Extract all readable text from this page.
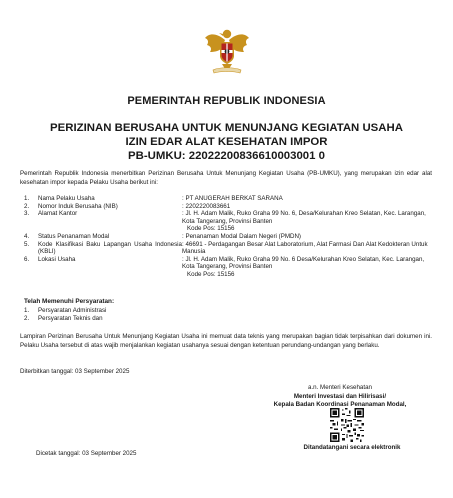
PEMERINTAH REPUBLIK INDONESIA
PERIZINAN BERUSAHA UNTUK MENUNJANG KEGIATAN USAHA
IZIN EDAR ALAT KESEHATAN IMPOR
PB-UMKU: 22022200836610003001 0
Pemerintah Republik Indonesia menerbitkan Perizinan Berusaha Untuk Menunjang Kegiatan Usaha (PB-UMKU), yang merupakan izin edar alat kesehatan impor kepada Pelaku Usaha berikut ini:
1.	Nama Pelaku Usaha	: PT ANUGERAH BERKAT SARANA
2.	Nomor Induk Berusaha (NIB)	: 2202220083661
3.	Alamat Kantor	: Jl. H. Adam Malik, Ruko Graha 99 No. 6, Desa/Kelurahan Kreo Selatan, Kec. Larangan, Kota Tangerang, Provinsi Banten
Kode Pos: 15156
4.	Status Penanaman Modal	: Penanaman Modal Dalam Negeri (PMDN)
5.	Kode Klasifikasi Baku Lapangan Usaha Indonesia (KBLI)
: 46691 - Perdagangan Besar Alat Laboratorium, Alat Farmasi Dan Alat Kedokteran Untuk Manusia
6.	Lokasi Usaha	: Jl. H. Adam Malik, Ruko Graha 99 No. 6 Desa/Kelurahan Kreo Selatan, Kec. Larangan, Kota Tangerang, Provinsi Banten
Kode Pos: 15156
Telah Memenuhi Persyaratan:
1.	Persyaratan Administrasi
2.	Persyaratan Teknis dan
Lampiran Perizinan Berusaha Untuk Menunjang Kegiatan Usaha ini memuat data teknis yang merupakan bagian tidak terpisahkan dari dokumen ini. Pelaku Usaha tersebut di atas wajib menjalankan kegiatan usahanya sesuai dengan ketentuan perundang-undangan yang berlaku.
Diterbitkan tanggal: 03 September 2025
a.n. Menteri Kesehatan
Menteri Investasi dan Hilirisasi/
Kepala Badan Koordinasi Penanaman Modal,
Ditandatangani secara elektronik
Dicetak tanggal: 03 September 2025
